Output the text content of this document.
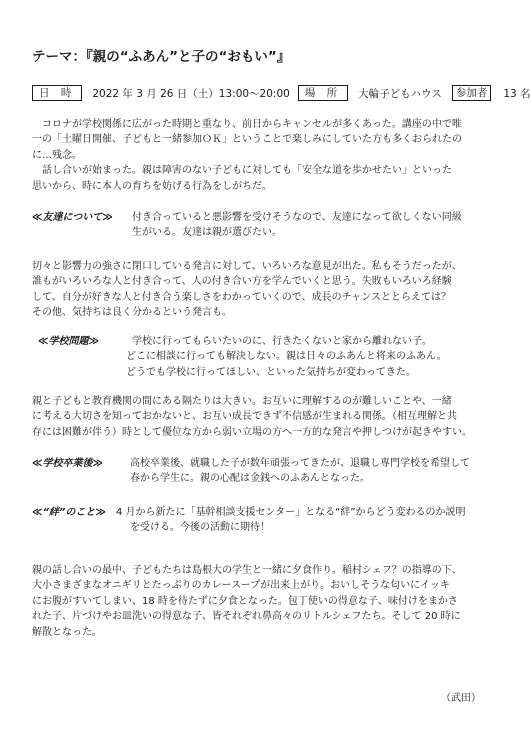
テーマ：『親の“ふあん”と子の“おもい”』
日 時	2022 年 3 月 26 日（土）13:00～20:00	場 所	大輪子どもハウス	参加者	13 名
コロナが学校関係に広がった時期と重なり、前日からキャンセルが多くあった。講座の中で唯
一の「土曜日開催、子どもと一緒参加ＯＫ」ということで楽しみにしていた方も多くおられたの
に…残念。
話し合いが始まった。親は障害のない子どもに対しても「安全な道を歩かせたい」といった
思いから、時に本人の育ちを妨げる行為をしがちだ。
≪友達について≫ 付き合っていると悪影響を受けそうなので、友達になって欲しくない同級
生がいる。友達は親が選びたい。
切々と影響力の強さに閉口している発言に対して、いろいろな意見が出た。私もそうだったが、
誰もがいろいろな人と付き合って、人の付き合い方を学んでいくと思う。失敗もいろいろ経験
して、自分が好きな人と付き合う楽しさをわかっていくので、成長のチャンスととらえては？
その他、気持ちは良く分かるという発言も。
≪学校問題≫	学校に行ってもらいたいのに、行きたくないと家から離れない子。
どこに相談に行っても解決しない。親は日々のふあんと将来のふあん。
どうでも学校に行ってほしい、といった気持ちが変わってきた。
親と子どもと教育機関の間にある隔たりは大きい。お互いに理解するのが難しいことや、一緒
に考える大切さを知っておかないと、お互い成長できず不信感が生まれる関係。（相互理解と共
存には困難が伴う）時として優位な方から弱い立場の方へ一方的な発言や押しつけが起きやすい。
≪学校卒業後≫	高校卒業後、就職した子が数年頑張ってきたが、退職し専門学校を希望して
春から学生に。親の心配は金銭へのふあんとなった。
≪“絆”のこと≫ 4 月から新たに「基幹相談支援センター」となる“絆”からどう変わるのか説明
を受ける。今後の活動に期待！
親の話し合いの最中、子どもたちは島根大の学生と一緒に夕食作り。稲村シェフ？の指導の下、
大小さまざまなオニギリとたっぷりのカレースープが出来上がり。おいしそうな匂いにイッキ
にお腹がすいてしまい、18 時を待たずに夕食となった。包丁使いの得意な子、味付けをまかさ
れた子、片づけやお皿洗いの得意な子、皆それぞれ鼻高々のリトルシェフたち。そして 20 時に
解散となった。
（武田）
